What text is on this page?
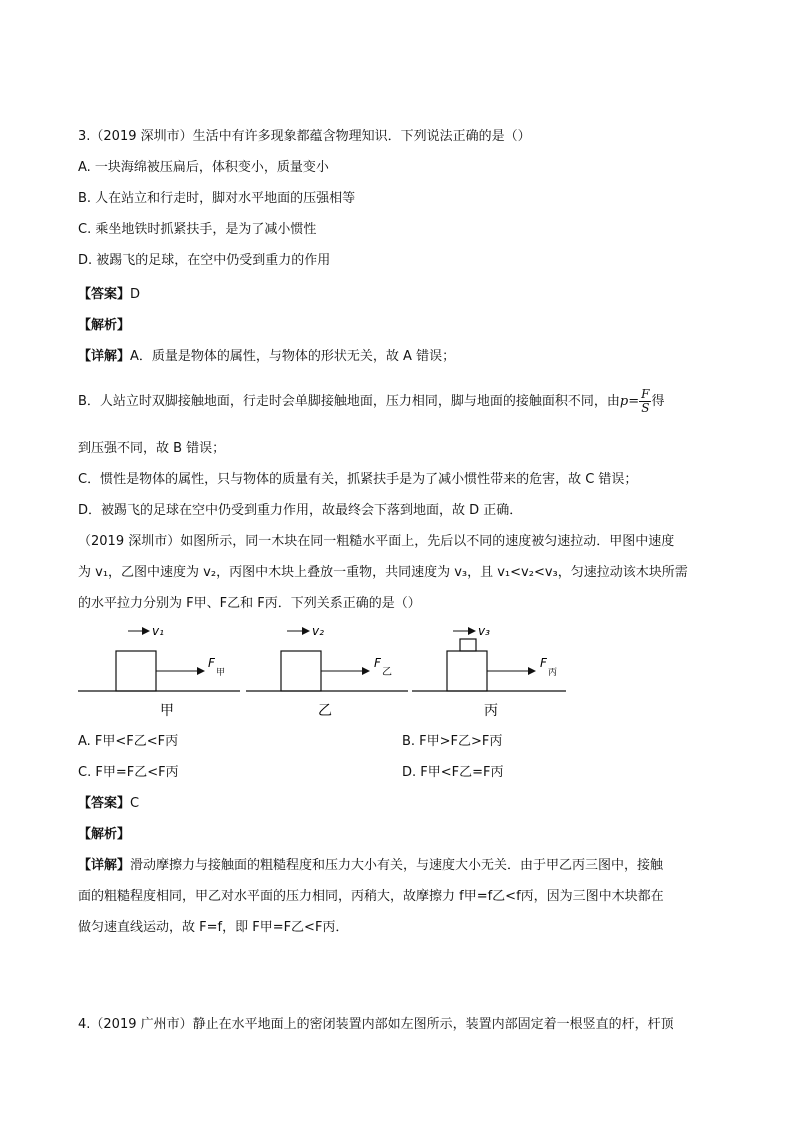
3.（2019 深圳市）生活中有许多现象都蕴含物理知识．下列说法正确的是（）
A. 一块海绵被压扁后，体积变小，质量变小
B. 人在站立和行走时，脚对水平地面的压强相等
C. 乘坐地铁时抓紧扶手，是为了减小惯性
D. 被踢飞的足球，在空中仍受到重力的作用
【答案】D
【解析】
【详解】A．质量是物体的属性，与物体的形状无关，故 A 错误；
B．人站立时双脚接触地面，行走时会单脚接触地面，压力相同，脚与地面的接触面积不同，由$p= \frac{F}{S}$ 得
到压强不同，故 B 错误；
C．惯性是物体的属性，只与物体的质量有关，抓紧扶手是为了减小惯性带来的危害，故 C 错误；
D．被踢飞的足球在空中仍受到重力作用，故最终会下落到地面，故 D 正确．
（2019 深圳市）如图所示，同一木块在同一粗糙水平面上，先后以不同的速度被匀速拉动．甲图中速度
为 v₁，乙图中速度为 v₂，丙图中木块上叠放一重物，共同速度为 v₃，且 v₁<v₂<v₃，匀速拉动该木块所需
的水平拉力分别为 F甲、F乙和 F丙．下列关系正确的是（）
v₁
F
甲
甲
v₂
F
乙
乙
v₃
F
丙
丙
A. F甲<F乙<F丙	B. F甲>F乙>F丙
C. F甲=F乙<F丙	D. F甲<F乙=F丙
【答案】C
【解析】
【详解】滑动摩擦力与接触面的粗糙程度和压力大小有关，与速度大小无关．由于甲乙丙三图中，接触
面的粗糙程度相同，甲乙对水平面的压力相同，丙稍大，故摩擦力 f甲=f乙<f丙，因为三图中木块都在
做匀速直线运动，故 F=f，即 F甲=F乙<F丙．
4.（2019 广州市）静止在水平地面上的密闭装置内部如左图所示，装置内部固定着一根竖直的杆，杆顶
